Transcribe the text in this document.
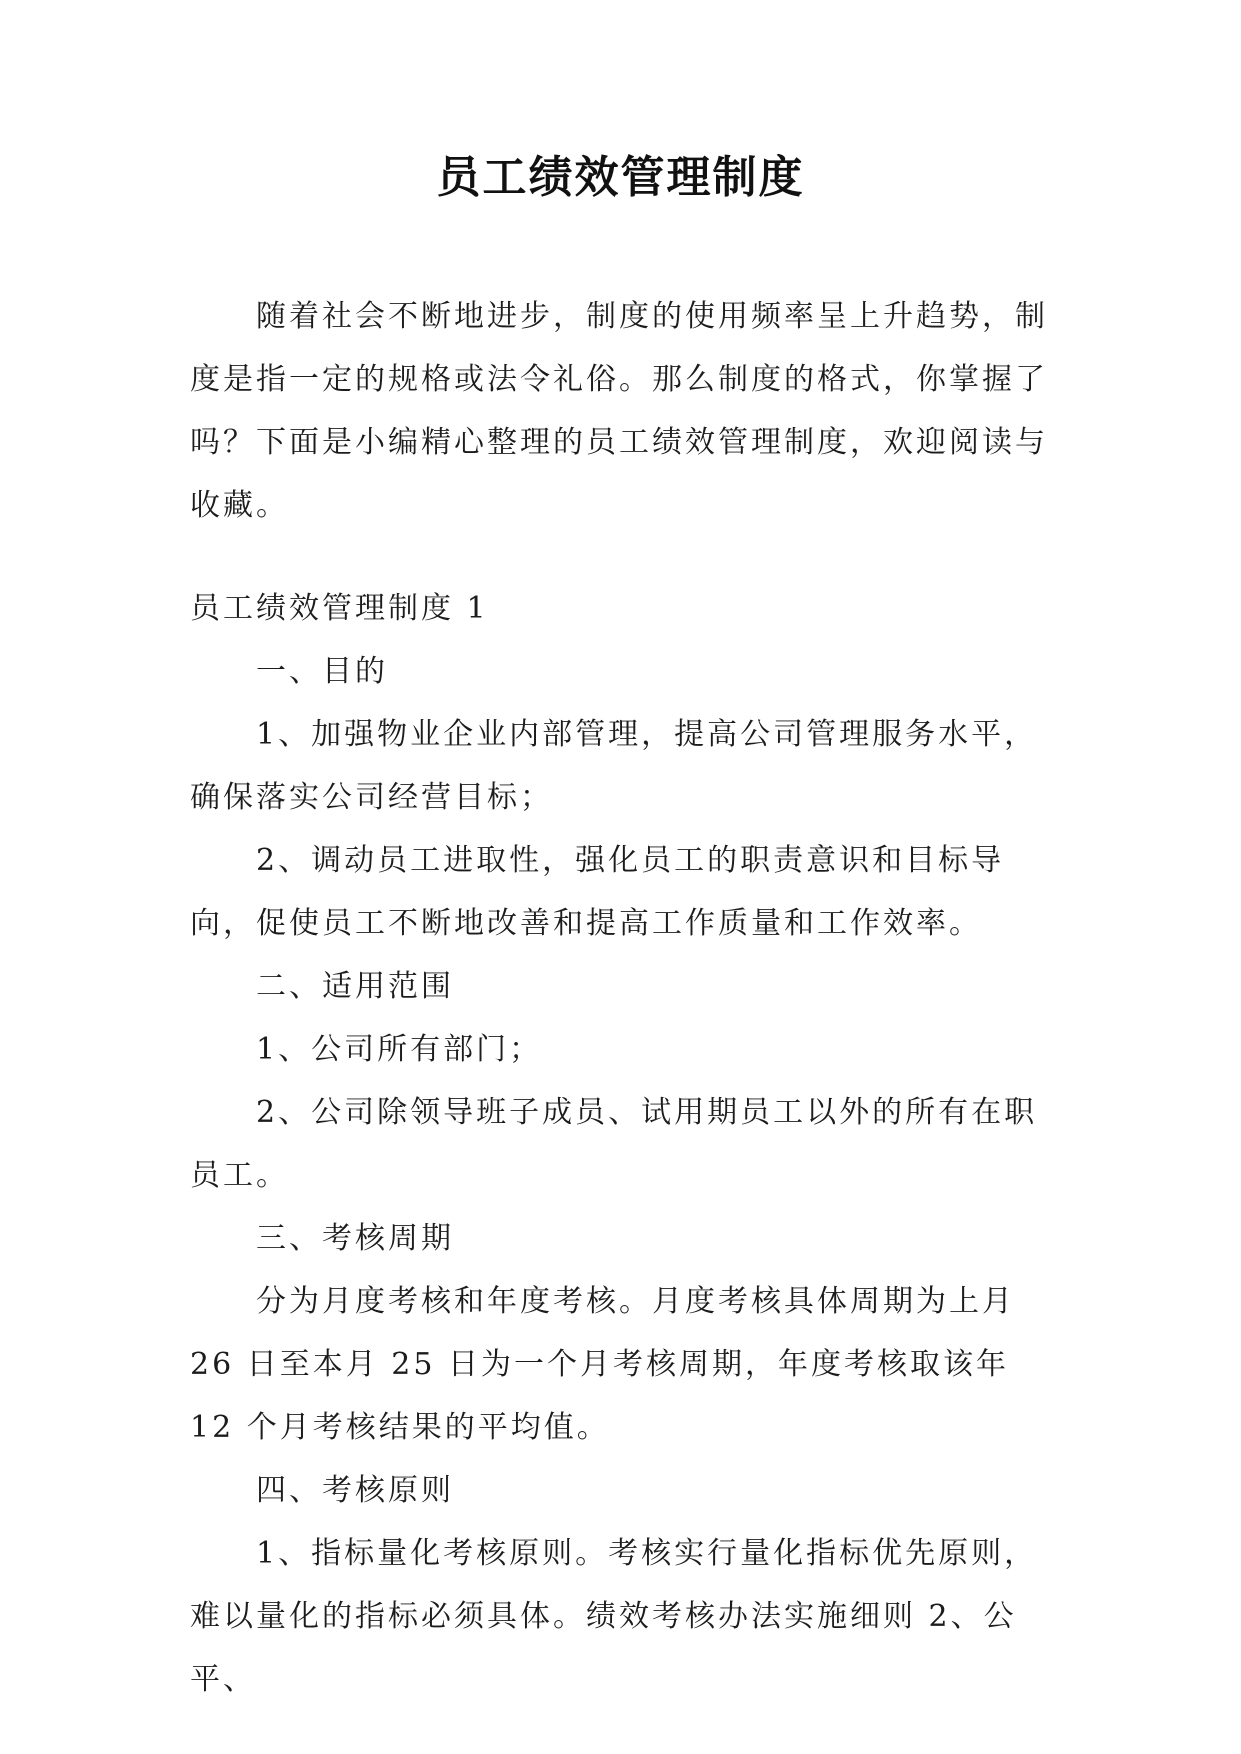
员工绩效管理制度

随着社会不断地进步，制度的使用频率呈上升趋势，制度是指一定的规格或法令礼俗。那么制度的格式，你掌握了吗？下面是小编精心整理的员工绩效管理制度，欢迎阅读与收藏。

员工绩效管理制度 1

一、目的

1、加强物业企业内部管理，提高公司管理服务水平，确保落实公司经营目标；

2、调动员工进取性，强化员工的职责意识和目标导向，促使员工不断地改善和提高工作质量和工作效率。

二、适用范围

1、公司所有部门；

2、公司除领导班子成员、试用期员工以外的所有在职员工。

三、考核周期

分为月度考核和年度考核。月度考核具体周期为上月 26 日至本月 25 日为一个月考核周期，年度考核取该年 12 个月考核结果的平均值。

四、考核原则

1、指标量化考核原则。考核实行量化指标优先原则，难以量化的指标必须具体。绩效考核办法实施细则 2、公平、
